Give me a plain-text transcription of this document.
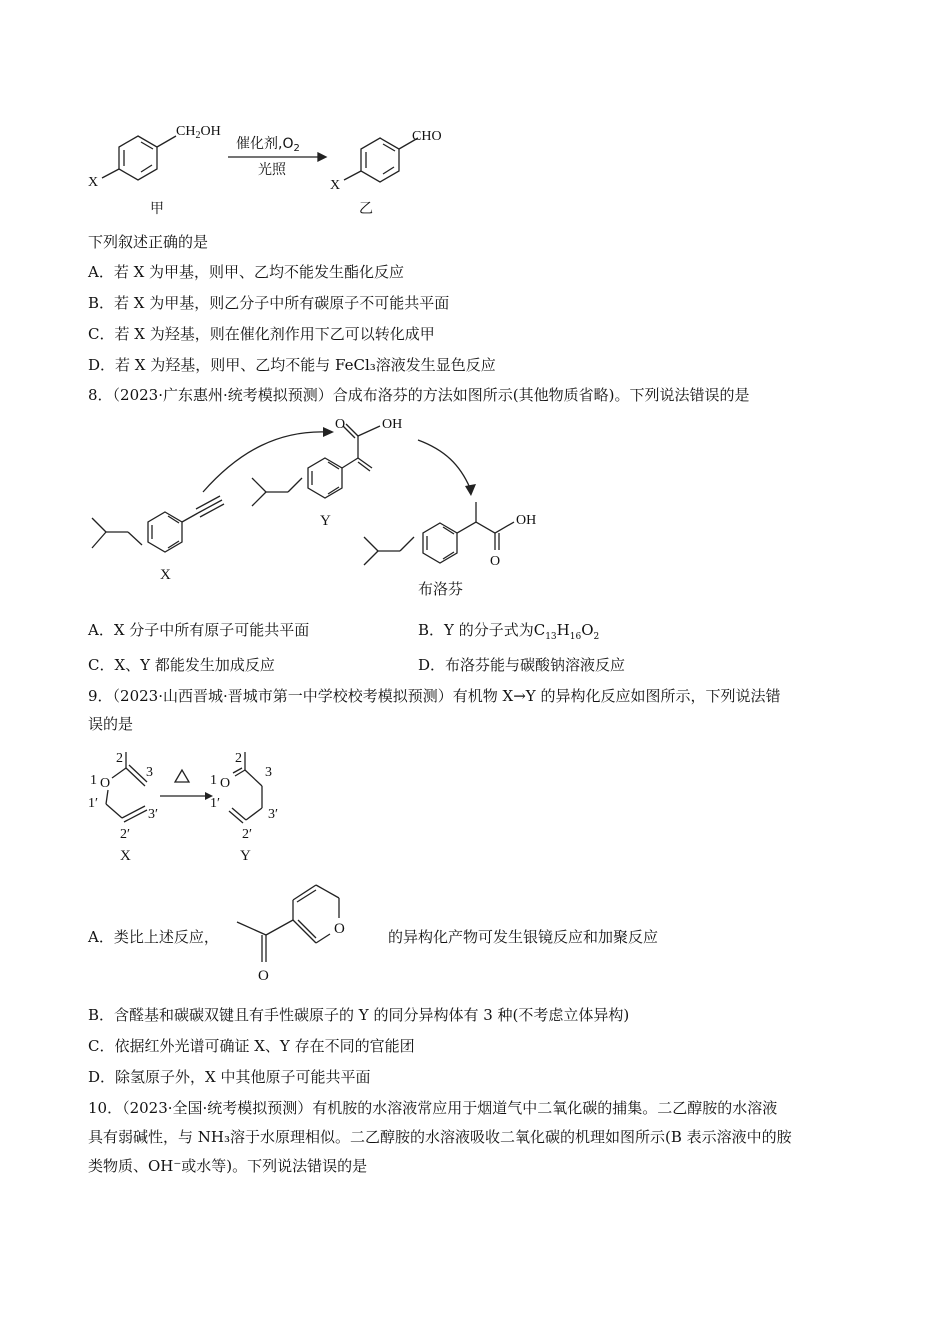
$CH_2OH$
X
甲
催化剂$,O_2$
光照
CHO
X
乙
下列叙述正确的是
A．若 X 为甲基，则甲、乙均不能发生酯化反应
B．若 X 为甲基，则乙分子中所有碳原子不可能共平面
C．若 X 为羟基，则在催化剂作用下乙可以转化成甲
D．若 X 为羟基，则甲、乙均不能与 FeCl₃溶液发生显色反应
8．（2023·广东惠州·统考模拟预测）合成布洛芬的方法如图所示(其他物质省略)。下列说法错误的是
X
Y
O	OH
OH
O
布洛芬
A．X 分子中所有原子可能共平面	B．Y 的分子式为$C_{13}H_{16}O_2$
C．X、Y 都能发生加成反应	D．布洛芬能与碳酸钠溶液反应
9．（2023·山西晋城·晋城市第一中学校校考模拟预测）有机物 X→Y 的异构化反应如图所示，下列说法错
误的是
2
1 O
3
1′
3′
2′
X
2
1 O
3
1′
3′
2′
Y
A．类比上述反应，	O
O
的异构化产物可发生银镜反应和加聚反应
B．含醛基和碳碳双键且有手性碳原子的 Y 的同分异构体有 3 种(不考虑立体异构)
C．依据红外光谱可确证 X、Y 存在不同的官能团
D．除氢原子外，X 中其他原子可能共平面
10．（2023·全国·统考模拟预测）有机胺的水溶液常应用于烟道气中二氧化碳的捕集。二乙醇胺的水溶液
具有弱碱性，与 NH₃溶于水原理相似。二乙醇胺的水溶液吸收二氧化碳的机理如图所示(B 表示溶液中的胺
类物质、OH⁻或水等)。下列说法错误的是
